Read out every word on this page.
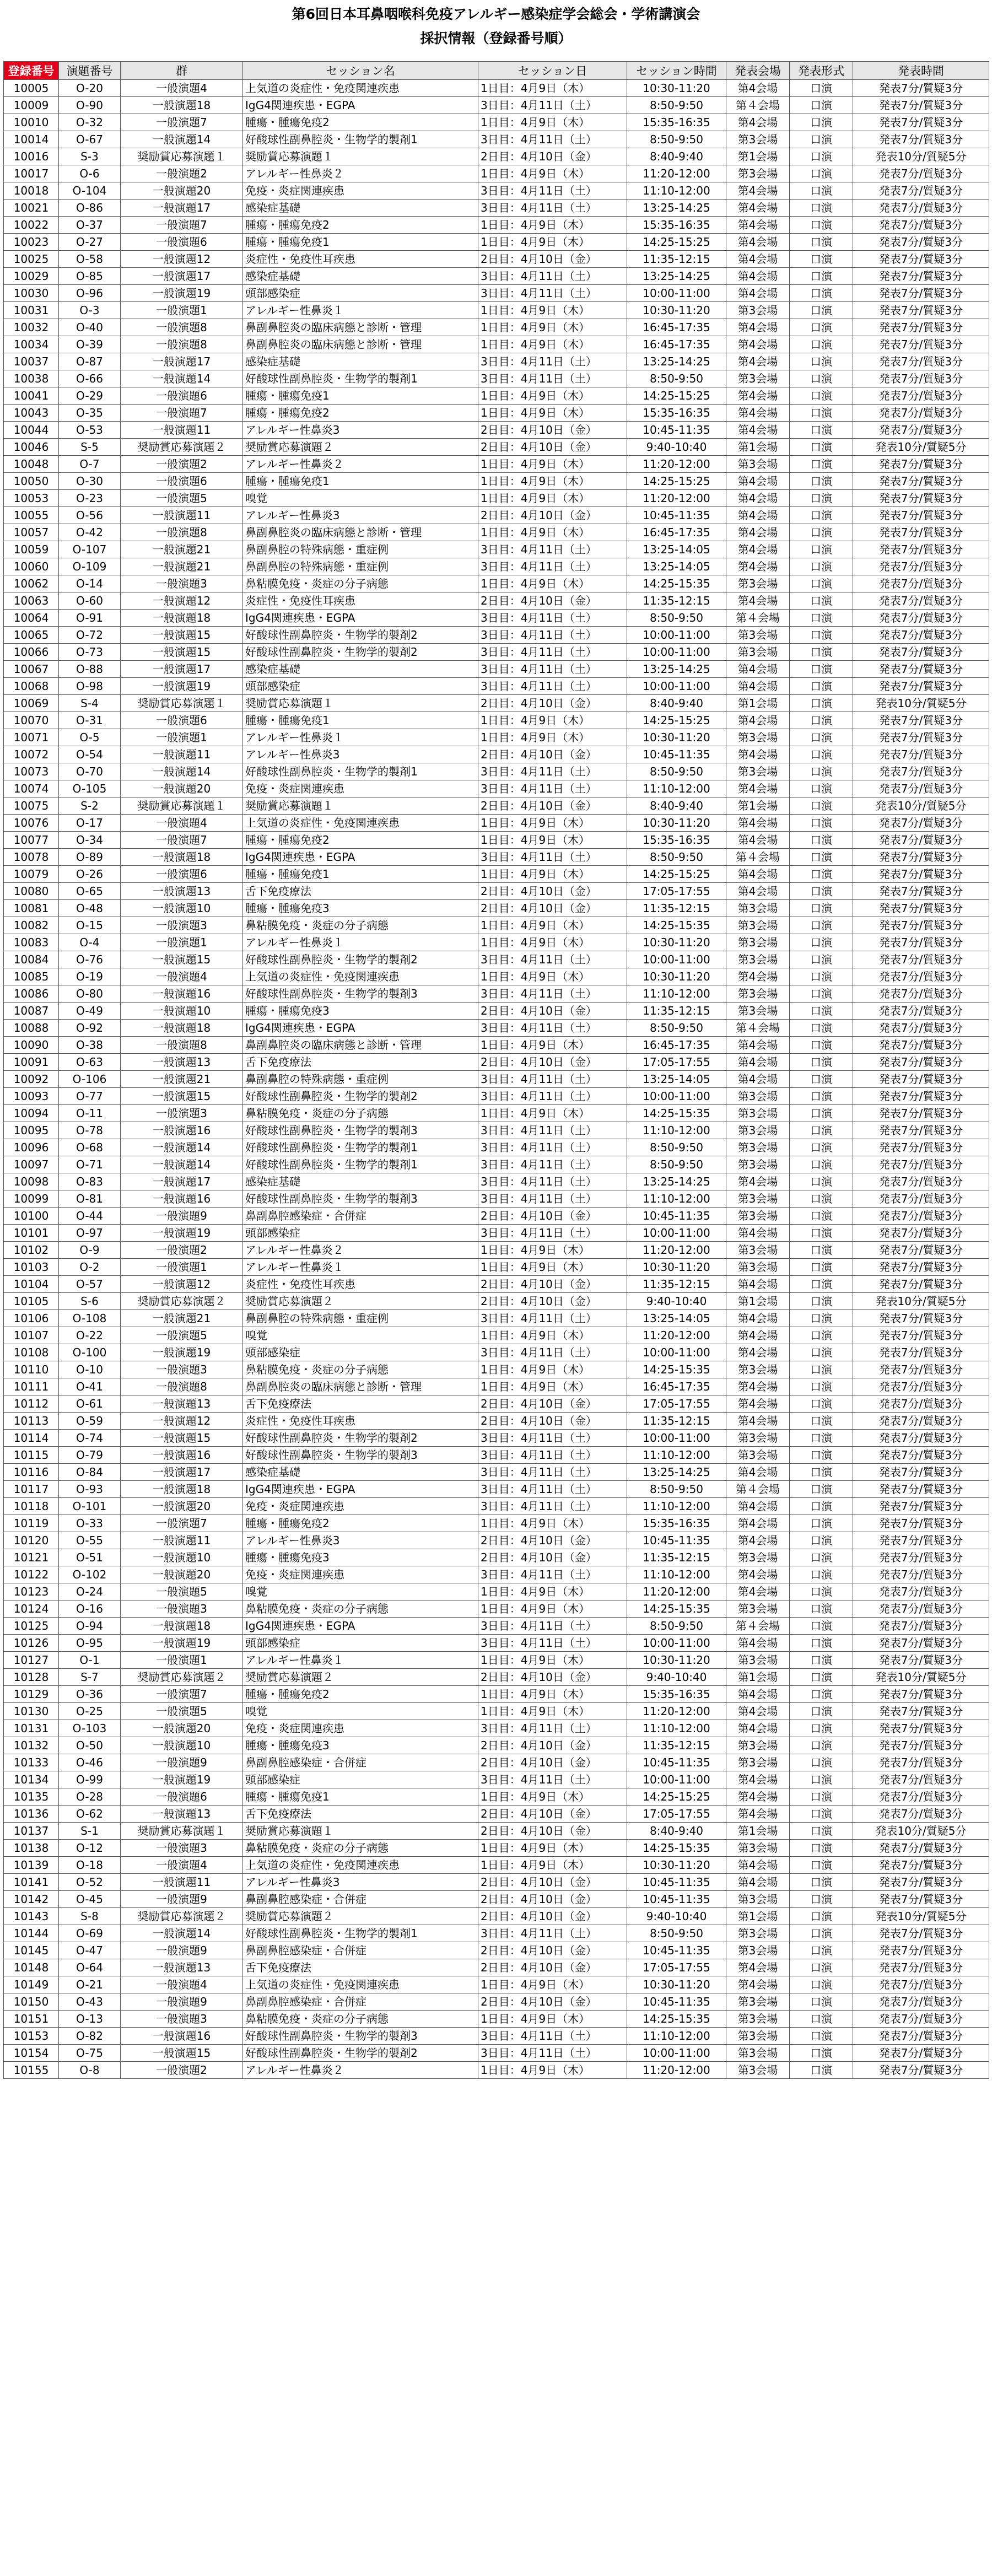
第6回日本耳鼻咽喉科免疫アレルギー感染症学会総会・学術講演会
採択情報（登録番号順）
登録番号	演題番号	群	セッション名	セッション日	セッション時間	発表会場	発表形式	発表時間
10005	O-20	一般演題4	上気道の炎症性・免疫関連疾患	1日目：4月9日（木）	10:30-11:20	第4会場	口演	発表7分/質疑3分
10009	O-90	一般演題18	IgG4関連疾患・EGPA	3日目：4月11日（土）	8:50-9:50	第４会場	口演	発表7分/質疑3分
10010	O-32	一般演題7	腫瘍・腫瘍免疫2	1日目：4月9日（木）	15:35-16:35	第4会場	口演	発表7分/質疑3分
10014	O-67	一般演題14	好酸球性副鼻腔炎・生物学的製剤1	3日目：4月11日（土）	8:50-9:50	第3会場	口演	発表7分/質疑3分
10016	S-3	奨励賞応募演題１	奨励賞応募演題１	2日目：4月10日（金）	8:40-9:40	第1会場	口演	発表10分/質疑5分
10017	O-6	一般演題2	アレルギー性鼻炎２	1日目：4月9日（木）	11:20-12:00	第3会場	口演	発表7分/質疑3分
10018	O-104	一般演題20	免疫・炎症関連疾患	3日目：4月11日（土）	11:10-12:00	第4会場	口演	発表7分/質疑3分
10021	O-86	一般演題17	感染症基礎	3日目：4月11日（土）	13:25-14:25	第4会場	口演	発表7分/質疑3分
10022	O-37	一般演題7	腫瘍・腫瘍免疫2	1日目：4月9日（木）	15:35-16:35	第4会場	口演	発表7分/質疑3分
10023	O-27	一般演題6	腫瘍・腫瘍免疫1	1日目：4月9日（木）	14:25-15:25	第4会場	口演	発表7分/質疑3分
10025	O-58	一般演題12	炎症性・免疫性耳疾患	2日目：4月10日（金）	11:35-12:15	第4会場	口演	発表7分/質疑3分
10029	O-85	一般演題17	感染症基礎	3日目：4月11日（土）	13:25-14:25	第4会場	口演	発表7分/質疑3分
10030	O-96	一般演題19	頭部感染症	3日目：4月11日（土）	10:00-11:00	第4会場	口演	発表7分/質疑3分
10031	O-3	一般演題1	アレルギー性鼻炎１	1日目：4月9日（木）	10:30-11:20	第3会場	口演	発表7分/質疑3分
10032	O-40	一般演題8	鼻副鼻腔炎の臨床病態と診断・管理	1日目：4月9日（木）	16:45-17:35	第4会場	口演	発表7分/質疑3分
10034	O-39	一般演題8	鼻副鼻腔炎の臨床病態と診断・管理	1日目：4月9日（木）	16:45-17:35	第4会場	口演	発表7分/質疑3分
10037	O-87	一般演題17	感染症基礎	3日目：4月11日（土）	13:25-14:25	第4会場	口演	発表7分/質疑3分
10038	O-66	一般演題14	好酸球性副鼻腔炎・生物学的製剤1	3日目：4月11日（土）	8:50-9:50	第3会場	口演	発表7分/質疑3分
10041	O-29	一般演題6	腫瘍・腫瘍免疫1	1日目：4月9日（木）	14:25-15:25	第4会場	口演	発表7分/質疑3分
10043	O-35	一般演題7	腫瘍・腫瘍免疫2	1日目：4月9日（木）	15:35-16:35	第4会場	口演	発表7分/質疑3分
10044	O-53	一般演題11	アレルギー性鼻炎3	2日目：4月10日（金）	10:45-11:35	第4会場	口演	発表7分/質疑3分
10046	S-5	奨励賞応募演題２	奨励賞応募演題２	2日目：4月10日（金）	9:40-10:40	第1会場	口演	発表10分/質疑5分
10048	O-7	一般演題2	アレルギー性鼻炎２	1日目：4月9日（木）	11:20-12:00	第3会場	口演	発表7分/質疑3分
10050	O-30	一般演題6	腫瘍・腫瘍免疫1	1日目：4月9日（木）	14:25-15:25	第4会場	口演	発表7分/質疑3分
10053	O-23	一般演題5	嗅覚	1日目：4月9日（木）	11:20-12:00	第4会場	口演	発表7分/質疑3分
10055	O-56	一般演題11	アレルギー性鼻炎3	2日目：4月10日（金）	10:45-11:35	第4会場	口演	発表7分/質疑3分
10057	O-42	一般演題8	鼻副鼻腔炎の臨床病態と診断・管理	1日目：4月9日（木）	16:45-17:35	第4会場	口演	発表7分/質疑3分
10059	O-107	一般演題21	鼻副鼻腔の特殊病態・重症例	3日目：4月11日（土）	13:25-14:05	第4会場	口演	発表7分/質疑3分
10060	O-109	一般演題21	鼻副鼻腔の特殊病態・重症例	3日目：4月11日（土）	13:25-14:05	第4会場	口演	発表7分/質疑3分
10062	O-14	一般演題3	鼻粘膜免疫・炎症の分子病態	1日目：4月9日（木）	14:25-15:35	第3会場	口演	発表7分/質疑3分
10063	O-60	一般演題12	炎症性・免疫性耳疾患	2日目：4月10日（金）	11:35-12:15	第4会場	口演	発表7分/質疑3分
10064	O-91	一般演題18	IgG4関連疾患・EGPA	3日目：4月11日（土）	8:50-9:50	第４会場	口演	発表7分/質疑3分
10065	O-72	一般演題15	好酸球性副鼻腔炎・生物学的製剤2	3日目：4月11日（土）	10:00-11:00	第3会場	口演	発表7分/質疑3分
10066	O-73	一般演題15	好酸球性副鼻腔炎・生物学的製剤2	3日目：4月11日（土）	10:00-11:00	第3会場	口演	発表7分/質疑3分
10067	O-88	一般演題17	感染症基礎	3日目：4月11日（土）	13:25-14:25	第4会場	口演	発表7分/質疑3分
10068	O-98	一般演題19	頭部感染症	3日目：4月11日（土）	10:00-11:00	第4会場	口演	発表7分/質疑3分
10069	S-4	奨励賞応募演題１	奨励賞応募演題１	2日目：4月10日（金）	8:40-9:40	第1会場	口演	発表10分/質疑5分
10070	O-31	一般演題6	腫瘍・腫瘍免疫1	1日目：4月9日（木）	14:25-15:25	第4会場	口演	発表7分/質疑3分
10071	O-5	一般演題1	アレルギー性鼻炎１	1日目：4月9日（木）	10:30-11:20	第3会場	口演	発表7分/質疑3分
10072	O-54	一般演題11	アレルギー性鼻炎3	2日目：4月10日（金）	10:45-11:35	第4会場	口演	発表7分/質疑3分
10073	O-70	一般演題14	好酸球性副鼻腔炎・生物学的製剤1	3日目：4月11日（土）	8:50-9:50	第3会場	口演	発表7分/質疑3分
10074	O-105	一般演題20	免疫・炎症関連疾患	3日目：4月11日（土）	11:10-12:00	第4会場	口演	発表7分/質疑3分
10075	S-2	奨励賞応募演題１	奨励賞応募演題１	2日目：4月10日（金）	8:40-9:40	第1会場	口演	発表10分/質疑5分
10076	O-17	一般演題4	上気道の炎症性・免疫関連疾患	1日目：4月9日（木）	10:30-11:20	第4会場	口演	発表7分/質疑3分
10077	O-34	一般演題7	腫瘍・腫瘍免疫2	1日目：4月9日（木）	15:35-16:35	第4会場	口演	発表7分/質疑3分
10078	O-89	一般演題18	IgG4関連疾患・EGPA	3日目：4月11日（土）	8:50-9:50	第４会場	口演	発表7分/質疑3分
10079	O-26	一般演題6	腫瘍・腫瘍免疫1	1日目：4月9日（木）	14:25-15:25	第4会場	口演	発表7分/質疑3分
10080	O-65	一般演題13	舌下免疫療法	2日目：4月10日（金）	17:05-17:55	第4会場	口演	発表7分/質疑3分
10081	O-48	一般演題10	腫瘍・腫瘍免疫3	2日目：4月10日（金）	11:35-12:15	第3会場	口演	発表7分/質疑3分
10082	O-15	一般演題3	鼻粘膜免疫・炎症の分子病態	1日目：4月9日（木）	14:25-15:35	第3会場	口演	発表7分/質疑3分
10083	O-4	一般演題1	アレルギー性鼻炎１	1日目：4月9日（木）	10:30-11:20	第3会場	口演	発表7分/質疑3分
10084	O-76	一般演題15	好酸球性副鼻腔炎・生物学的製剤2	3日目：4月11日（土）	10:00-11:00	第3会場	口演	発表7分/質疑3分
10085	O-19	一般演題4	上気道の炎症性・免疫関連疾患	1日目：4月9日（木）	10:30-11:20	第4会場	口演	発表7分/質疑3分
10086	O-80	一般演題16	好酸球性副鼻腔炎・生物学的製剤3	3日目：4月11日（土）	11:10-12:00	第3会場	口演	発表7分/質疑3分
10087	O-49	一般演題10	腫瘍・腫瘍免疫3	2日目：4月10日（金）	11:35-12:15	第3会場	口演	発表7分/質疑3分
10088	O-92	一般演題18	IgG4関連疾患・EGPA	3日目：4月11日（土）	8:50-9:50	第４会場	口演	発表7分/質疑3分
10090	O-38	一般演題8	鼻副鼻腔炎の臨床病態と診断・管理	1日目：4月9日（木）	16:45-17:35	第4会場	口演	発表7分/質疑3分
10091	O-63	一般演題13	舌下免疫療法	2日目：4月10日（金）	17:05-17:55	第4会場	口演	発表7分/質疑3分
10092	O-106	一般演題21	鼻副鼻腔の特殊病態・重症例	3日目：4月11日（土）	13:25-14:05	第4会場	口演	発表7分/質疑3分
10093	O-77	一般演題15	好酸球性副鼻腔炎・生物学的製剤2	3日目：4月11日（土）	10:00-11:00	第3会場	口演	発表7分/質疑3分
10094	O-11	一般演題3	鼻粘膜免疫・炎症の分子病態	1日目：4月9日（木）	14:25-15:35	第3会場	口演	発表7分/質疑3分
10095	O-78	一般演題16	好酸球性副鼻腔炎・生物学的製剤3	3日目：4月11日（土）	11:10-12:00	第3会場	口演	発表7分/質疑3分
10096	O-68	一般演題14	好酸球性副鼻腔炎・生物学的製剤1	3日目：4月11日（土）	8:50-9:50	第3会場	口演	発表7分/質疑3分
10097	O-71	一般演題14	好酸球性副鼻腔炎・生物学的製剤1	3日目：4月11日（土）	8:50-9:50	第3会場	口演	発表7分/質疑3分
10098	O-83	一般演題17	感染症基礎	3日目：4月11日（土）	13:25-14:25	第4会場	口演	発表7分/質疑3分
10099	O-81	一般演題16	好酸球性副鼻腔炎・生物学的製剤3	3日目：4月11日（土）	11:10-12:00	第3会場	口演	発表7分/質疑3分
10100	O-44	一般演題9	鼻副鼻腔感染症・合併症	2日目：4月10日（金）	10:45-11:35	第3会場	口演	発表7分/質疑3分
10101	O-97	一般演題19	頭部感染症	3日目：4月11日（土）	10:00-11:00	第4会場	口演	発表7分/質疑3分
10102	O-9	一般演題2	アレルギー性鼻炎２	1日目：4月9日（木）	11:20-12:00	第3会場	口演	発表7分/質疑3分
10103	O-2	一般演題1	アレルギー性鼻炎１	1日目：4月9日（木）	10:30-11:20	第3会場	口演	発表7分/質疑3分
10104	O-57	一般演題12	炎症性・免疫性耳疾患	2日目：4月10日（金）	11:35-12:15	第4会場	口演	発表7分/質疑3分
10105	S-6	奨励賞応募演題２	奨励賞応募演題２	2日目：4月10日（金）	9:40-10:40	第1会場	口演	発表10分/質疑5分
10106	O-108	一般演題21	鼻副鼻腔の特殊病態・重症例	3日目：4月11日（土）	13:25-14:05	第4会場	口演	発表7分/質疑3分
10107	O-22	一般演題5	嗅覚	1日目：4月9日（木）	11:20-12:00	第4会場	口演	発表7分/質疑3分
10108	O-100	一般演題19	頭部感染症	3日目：4月11日（土）	10:00-11:00	第4会場	口演	発表7分/質疑3分
10110	O-10	一般演題3	鼻粘膜免疫・炎症の分子病態	1日目：4月9日（木）	14:25-15:35	第3会場	口演	発表7分/質疑3分
10111	O-41	一般演題8	鼻副鼻腔炎の臨床病態と診断・管理	1日目：4月9日（木）	16:45-17:35	第4会場	口演	発表7分/質疑3分
10112	O-61	一般演題13	舌下免疫療法	2日目：4月10日（金）	17:05-17:55	第4会場	口演	発表7分/質疑3分
10113	O-59	一般演題12	炎症性・免疫性耳疾患	2日目：4月10日（金）	11:35-12:15	第4会場	口演	発表7分/質疑3分
10114	O-74	一般演題15	好酸球性副鼻腔炎・生物学的製剤2	3日目：4月11日（土）	10:00-11:00	第3会場	口演	発表7分/質疑3分
10115	O-79	一般演題16	好酸球性副鼻腔炎・生物学的製剤3	3日目：4月11日（土）	11:10-12:00	第3会場	口演	発表7分/質疑3分
10116	O-84	一般演題17	感染症基礎	3日目：4月11日（土）	13:25-14:25	第4会場	口演	発表7分/質疑3分
10117	O-93	一般演題18	IgG4関連疾患・EGPA	3日目：4月11日（土）	8:50-9:50	第４会場	口演	発表7分/質疑3分
10118	O-101	一般演題20	免疫・炎症関連疾患	3日目：4月11日（土）	11:10-12:00	第4会場	口演	発表7分/質疑3分
10119	O-33	一般演題7	腫瘍・腫瘍免疫2	1日目：4月9日（木）	15:35-16:35	第4会場	口演	発表7分/質疑3分
10120	O-55	一般演題11	アレルギー性鼻炎3	2日目：4月10日（金）	10:45-11:35	第4会場	口演	発表7分/質疑3分
10121	O-51	一般演題10	腫瘍・腫瘍免疫3	2日目：4月10日（金）	11:35-12:15	第3会場	口演	発表7分/質疑3分
10122	O-102	一般演題20	免疫・炎症関連疾患	3日目：4月11日（土）	11:10-12:00	第4会場	口演	発表7分/質疑3分
10123	O-24	一般演題5	嗅覚	1日目：4月9日（木）	11:20-12:00	第4会場	口演	発表7分/質疑3分
10124	O-16	一般演題3	鼻粘膜免疫・炎症の分子病態	1日目：4月9日（木）	14:25-15:35	第3会場	口演	発表7分/質疑3分
10125	O-94	一般演題18	IgG4関連疾患・EGPA	3日目：4月11日（土）	8:50-9:50	第４会場	口演	発表7分/質疑3分
10126	O-95	一般演題19	頭部感染症	3日目：4月11日（土）	10:00-11:00	第4会場	口演	発表7分/質疑3分
10127	O-1	一般演題1	アレルギー性鼻炎１	1日目：4月9日（木）	10:30-11:20	第3会場	口演	発表7分/質疑3分
10128	S-7	奨励賞応募演題２	奨励賞応募演題２	2日目：4月10日（金）	9:40-10:40	第1会場	口演	発表10分/質疑5分
10129	O-36	一般演題7	腫瘍・腫瘍免疫2	1日目：4月9日（木）	15:35-16:35	第4会場	口演	発表7分/質疑3分
10130	O-25	一般演題5	嗅覚	1日目：4月9日（木）	11:20-12:00	第4会場	口演	発表7分/質疑3分
10131	O-103	一般演題20	免疫・炎症関連疾患	3日目：4月11日（土）	11:10-12:00	第4会場	口演	発表7分/質疑3分
10132	O-50	一般演題10	腫瘍・腫瘍免疫3	2日目：4月10日（金）	11:35-12:15	第3会場	口演	発表7分/質疑3分
10133	O-46	一般演題9	鼻副鼻腔感染症・合併症	2日目：4月10日（金）	10:45-11:35	第3会場	口演	発表7分/質疑3分
10134	O-99	一般演題19	頭部感染症	3日目：4月11日（土）	10:00-11:00	第4会場	口演	発表7分/質疑3分
10135	O-28	一般演題6	腫瘍・腫瘍免疫1	1日目：4月9日（木）	14:25-15:25	第4会場	口演	発表7分/質疑3分
10136	O-62	一般演題13	舌下免疫療法	2日目：4月10日（金）	17:05-17:55	第4会場	口演	発表7分/質疑3分
10137	S-1	奨励賞応募演題１	奨励賞応募演題１	2日目：4月10日（金）	8:40-9:40	第1会場	口演	発表10分/質疑5分
10138	O-12	一般演題3	鼻粘膜免疫・炎症の分子病態	1日目：4月9日（木）	14:25-15:35	第3会場	口演	発表7分/質疑3分
10139	O-18	一般演題4	上気道の炎症性・免疫関連疾患	1日目：4月9日（木）	10:30-11:20	第4会場	口演	発表7分/質疑3分
10141	O-52	一般演題11	アレルギー性鼻炎3	2日目：4月10日（金）	10:45-11:35	第4会場	口演	発表7分/質疑3分
10142	O-45	一般演題9	鼻副鼻腔感染症・合併症	2日目：4月10日（金）	10:45-11:35	第3会場	口演	発表7分/質疑3分
10143	S-8	奨励賞応募演題２	奨励賞応募演題２	2日目：4月10日（金）	9:40-10:40	第1会場	口演	発表10分/質疑5分
10144	O-69	一般演題14	好酸球性副鼻腔炎・生物学的製剤1	3日目：4月11日（土）	8:50-9:50	第3会場	口演	発表7分/質疑3分
10145	O-47	一般演題9	鼻副鼻腔感染症・合併症	2日目：4月10日（金）	10:45-11:35	第3会場	口演	発表7分/質疑3分
10148	O-64	一般演題13	舌下免疫療法	2日目：4月10日（金）	17:05-17:55	第4会場	口演	発表7分/質疑3分
10149	O-21	一般演題4	上気道の炎症性・免疫関連疾患	1日目：4月9日（木）	10:30-11:20	第4会場	口演	発表7分/質疑3分
10150	O-43	一般演題9	鼻副鼻腔感染症・合併症	2日目：4月10日（金）	10:45-11:35	第3会場	口演	発表7分/質疑3分
10151	O-13	一般演題3	鼻粘膜免疫・炎症の分子病態	1日目：4月9日（木）	14:25-15:35	第3会場	口演	発表7分/質疑3分
10153	O-82	一般演題16	好酸球性副鼻腔炎・生物学的製剤3	3日目：4月11日（土）	11:10-12:00	第3会場	口演	発表7分/質疑3分
10154	O-75	一般演題15	好酸球性副鼻腔炎・生物学的製剤2	3日目：4月11日（土）	10:00-11:00	第3会場	口演	発表7分/質疑3分
10155	O-8	一般演題2	アレルギー性鼻炎２	1日目：4月9日（木）	11:20-12:00	第3会場	口演	発表7分/質疑3分
